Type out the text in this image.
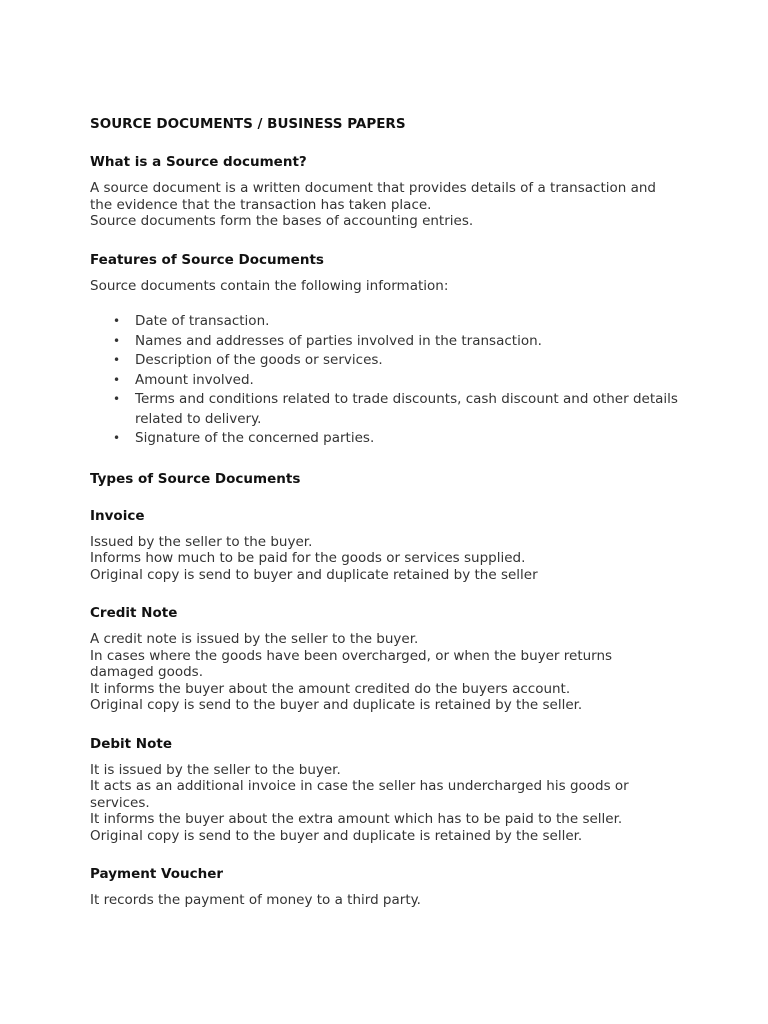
SOURCE DOCUMENTS / BUSINESS PAPERS
What is a Source document?

A source document is a written document that provides details of a transaction and the evidence that the transaction has taken place.

Source documents form the bases of accounting entries.

Features of Source Documents

Source documents contain the following information:

• Date of transaction.
• Names and addresses of parties involved in the transaction.
• Description of the goods or services.
• Amount involved.
• Terms and conditions related to trade discounts, cash discount and other details related to delivery.
• Signature of the concerned parties.
Types of Source Documents
Invoice

Issued by the seller to the buyer.

Informs how much to be paid for the goods or services supplied.

Original copy is send to buyer and duplicate retained by the seller

Credit Note

A credit note is issued by the seller to the buyer.

In cases where the goods have been overcharged, or when the buyer returns damaged goods.

It informs the buyer about the amount credited do the buyers account.

Original copy is send to the buyer and duplicate is retained by the seller.

Debit Note

It is issued by the seller to the buyer.

It acts as an additional invoice in case the seller has undercharged his goods or services.

It informs the buyer about the extra amount which has to be paid to the seller.

Original copy is send to the buyer and duplicate is retained by the seller.

Payment Voucher

It records the payment of money to a third party.
